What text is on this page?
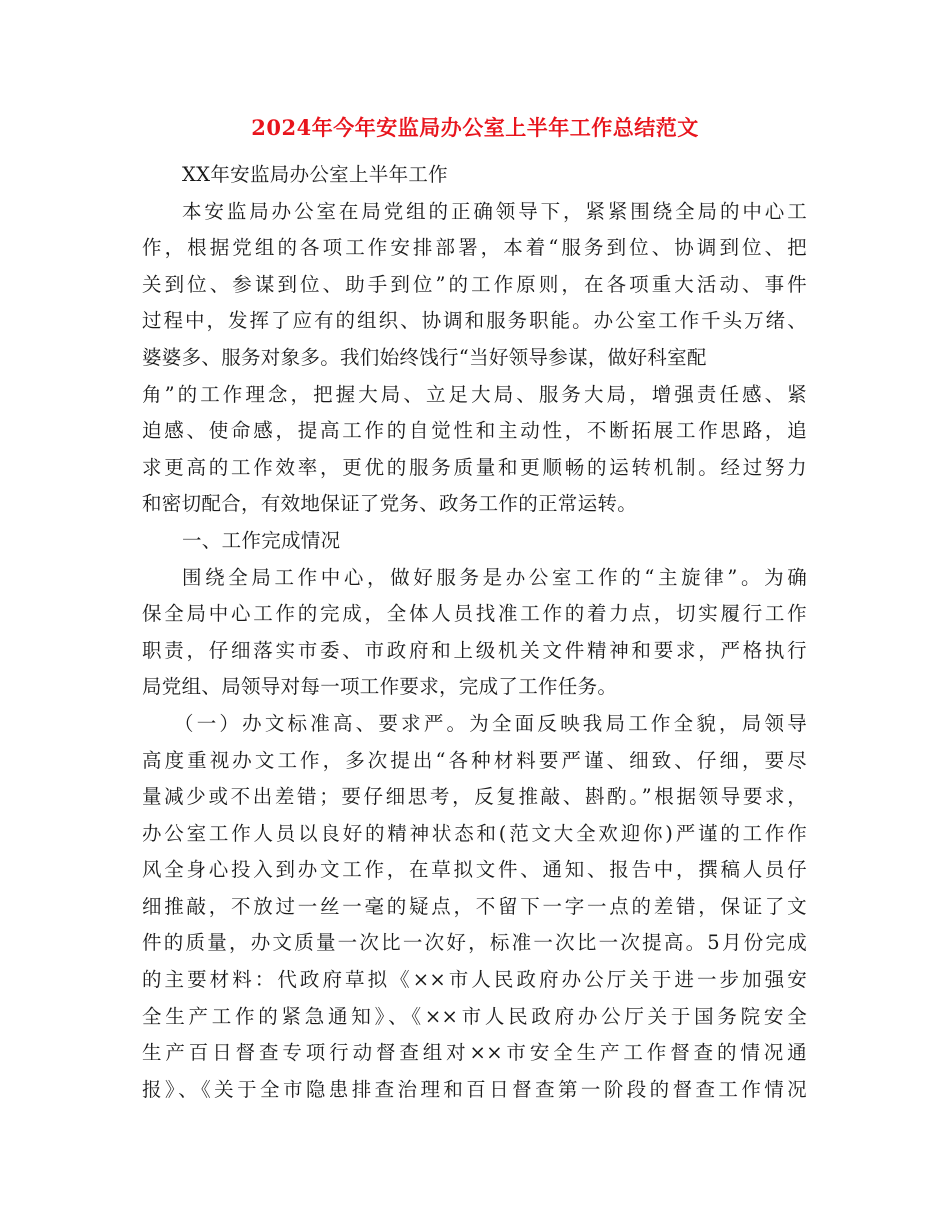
2024年今年安监局办公室上半年工作总结范文
XX年安监局办公室上半年工作
本安监局办公室在局党组的正确领导下，紧紧围绕全局的中心工
作，根据党组的各项工作安排部署，本着“服务到位、协调到位、把
关到位、参谋到位、助手到位”的工作原则，在各项重大活动、事件
过程中，发挥了应有的组织、协调和服务职能。办公室工作千头万绪、
婆婆多、服务对象多。我们始终饯行“当好领导参谋，做好科室配
角”的工作理念，把握大局、立足大局、服务大局，增强责任感、紧
迫感、使命感，提高工作的自觉性和主动性，不断拓展工作思路，追
求更高的工作效率，更优的服务质量和更顺畅的运转机制。经过努力
和密切配合，有效地保证了党务、政务工作的正常运转。
一、工作完成情况
围绕全局工作中心，做好服务是办公室工作的“主旋律”。为确
保全局中心工作的完成，全体人员找准工作的着力点，切实履行工作
职责，仔细落实市委、市政府和上级机关文件精神和要求，严格执行
局党组、局领导对每一项工作要求，完成了工作任务。
（一）办文标准高、要求严。为全面反映我局工作全貌，局领导
高度重视办文工作，多次提出“各种材料要严谨、细致、仔细，要尽
量减少或不出差错；要仔细思考，反复推敲、斟酌。”根据领导要求，
办公室工作人员以良好的精神状态和(范文大全欢迎你)严谨的工作作
风全身心投入到办文工作，在草拟文件、通知、报告中，撰稿人员仔
细推敲，不放过一丝一毫的疑点，不留下一字一点的差错，保证了文
件的质量，办文质量一次比一次好，标准一次比一次提高。5月份完成
的主要材料：代政府草拟《××市人民政府办公厅关于进一步加强安
全生产工作的紧急通知》、《××市人民政府办公厅关于国务院安全
生产百日督查专项行动督查组对××市安全生产工作督查的情况通
报》、《关于全市隐患排查治理和百日督查第一阶段的督查工作情况
